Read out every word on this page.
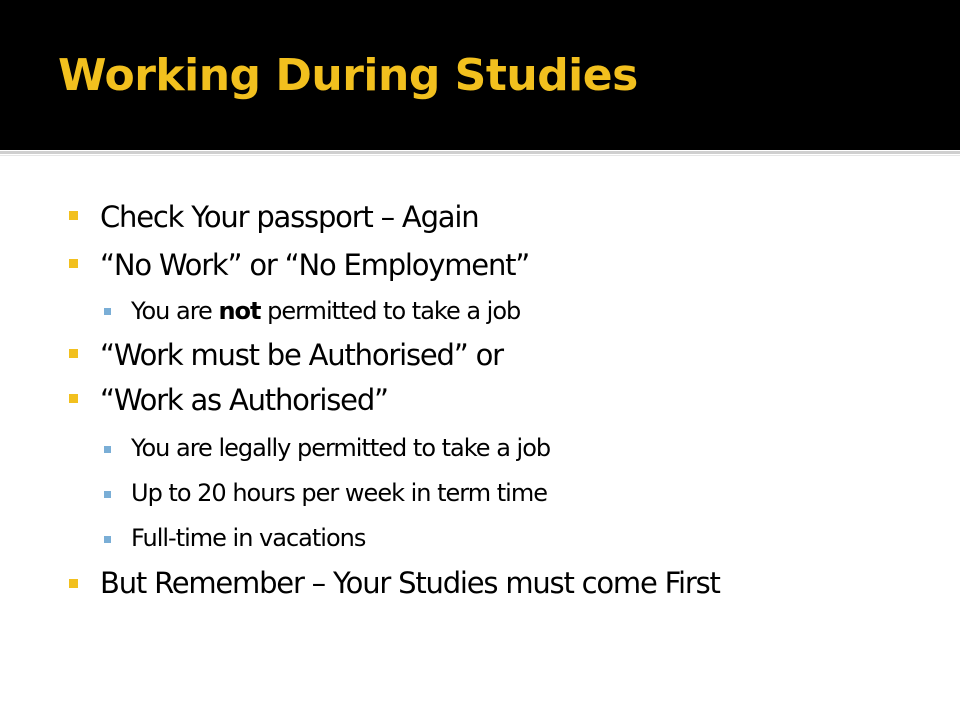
Working During Studies
Check Your passport – Again
“No Work” or “No Employment”
You are not permitted to take a job
“Work must be Authorised” or
“Work as Authorised”
You are legally permitted to take a job
Up to 20 hours per week in term time
Full-time in vacations
But Remember – Your Studies must come First
